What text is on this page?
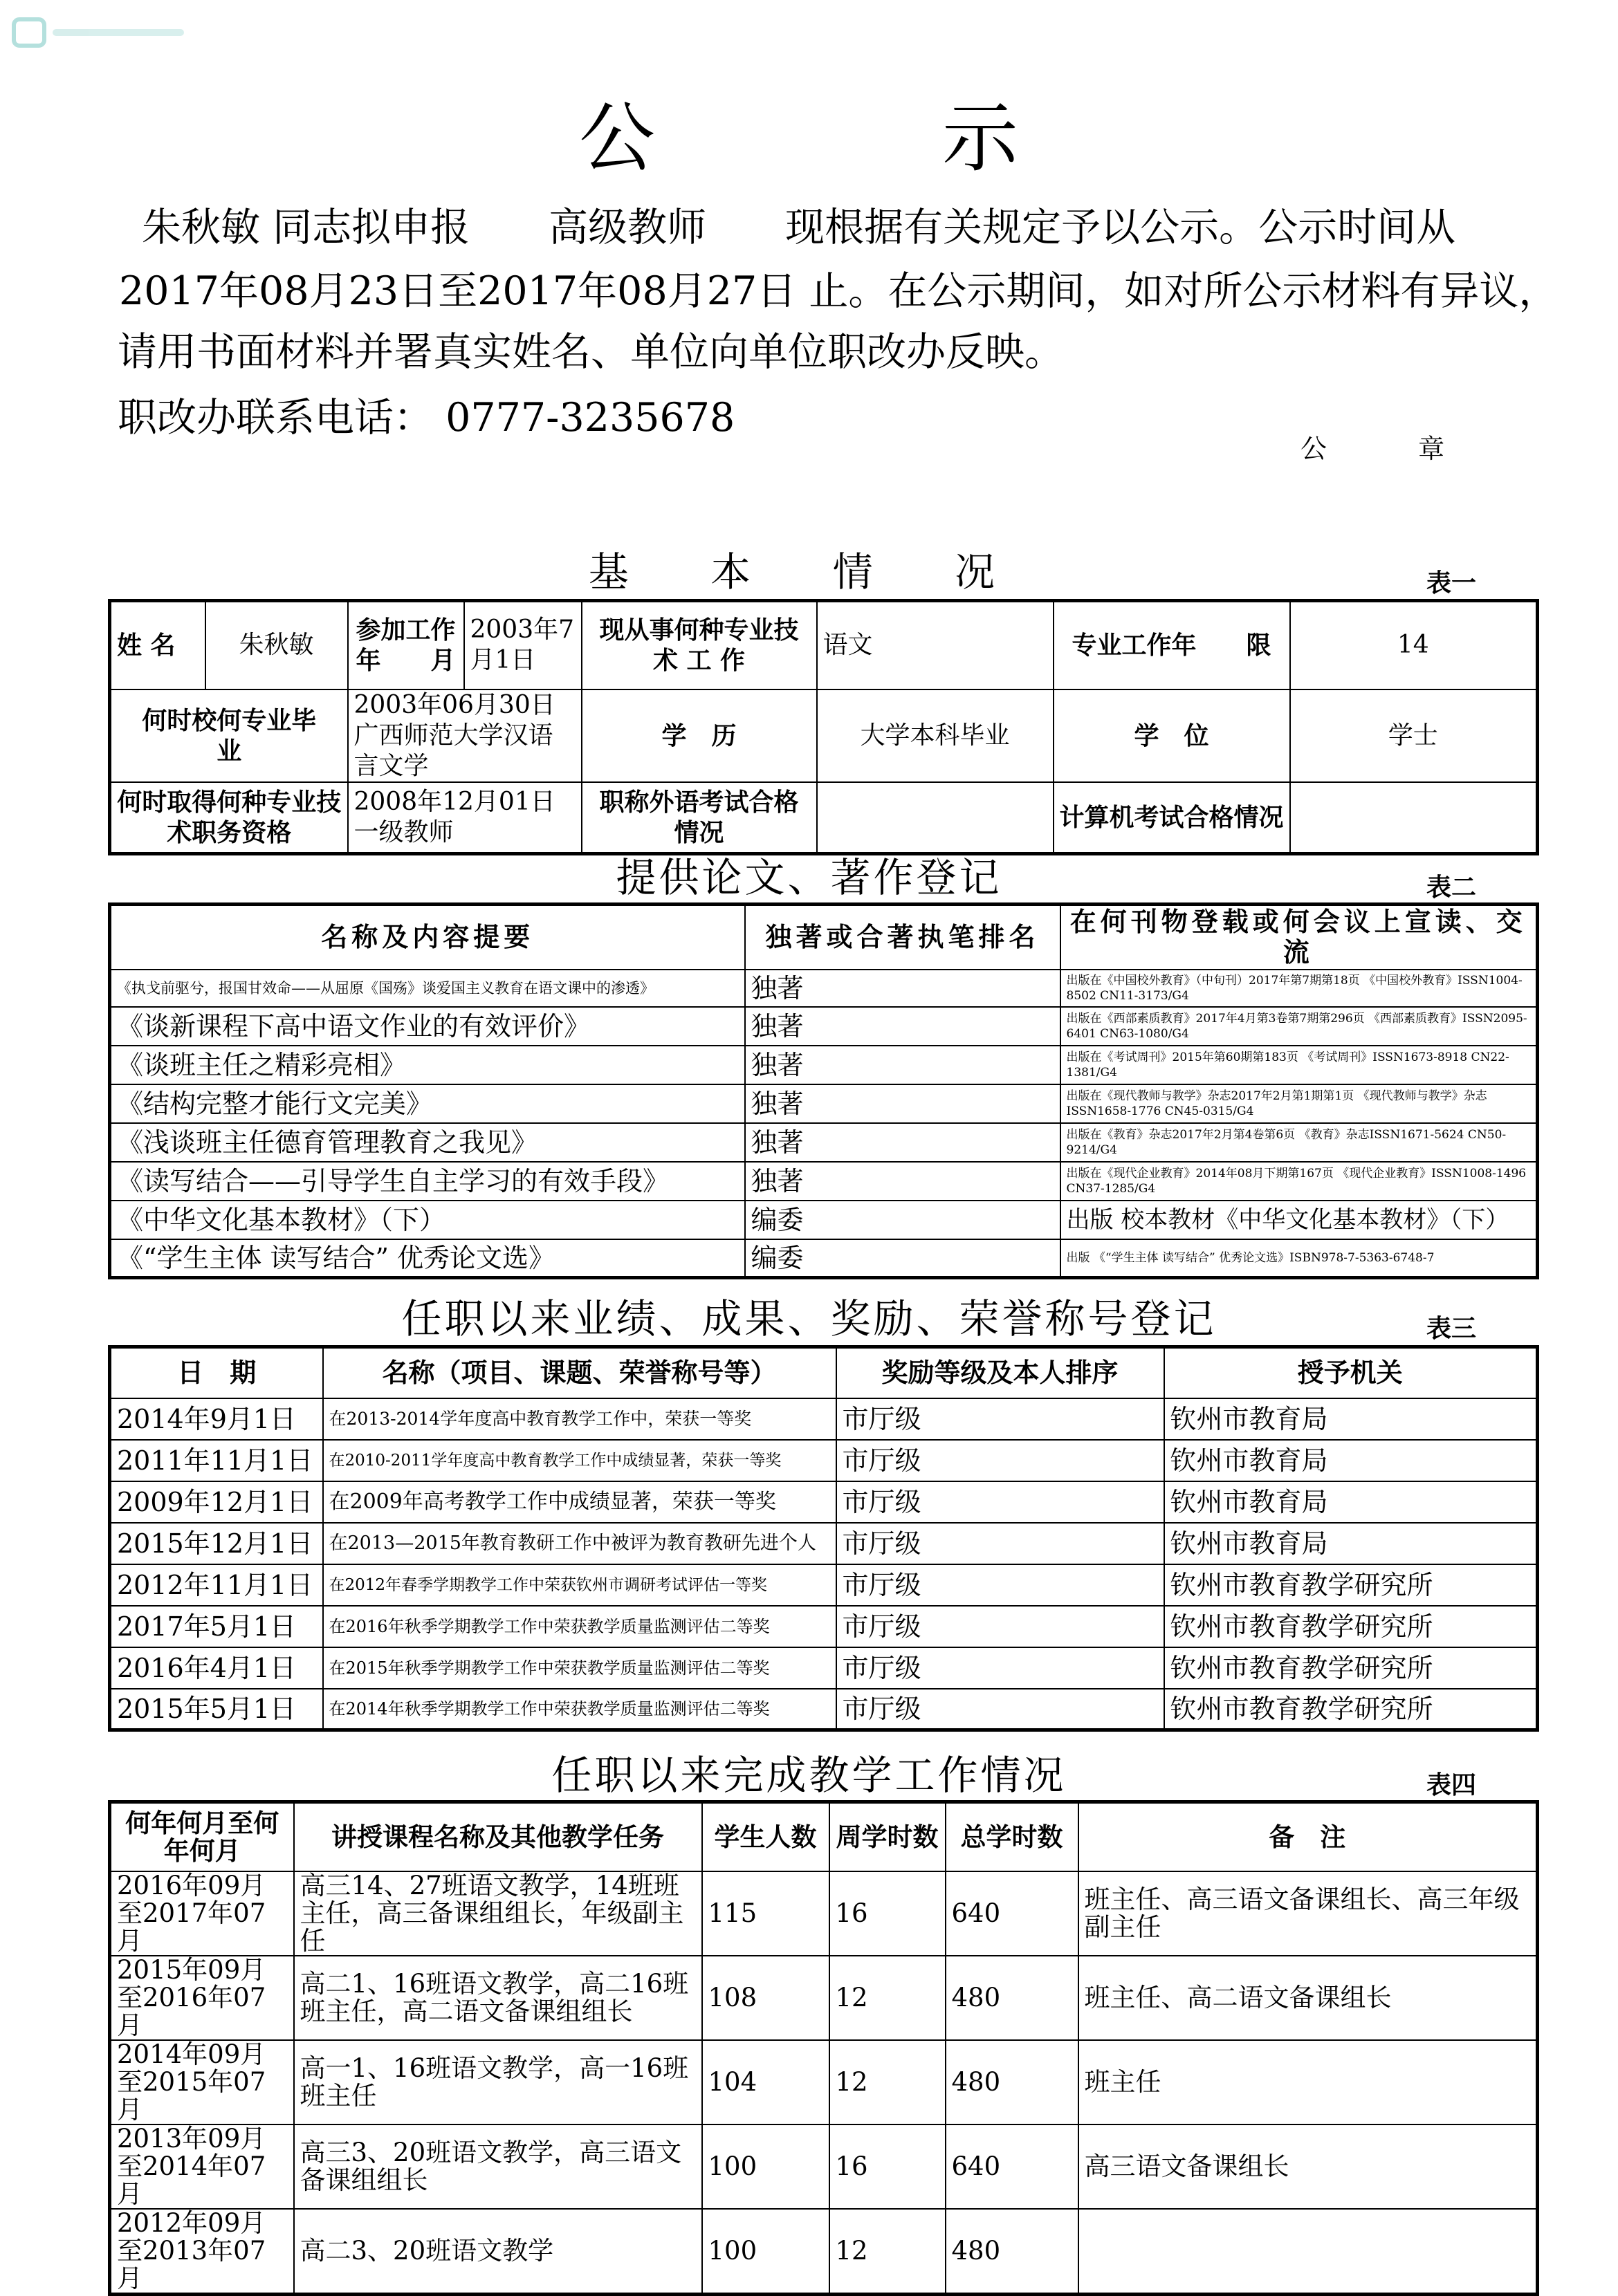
公 示
朱秋敏 同志拟申报　　高级教师　　现根据有关规定予以公示。公示时间从
2017年08月23日至2017年08月27日 止。在公示期间，如对所公示材料有异议，
请用书面材料并署真实姓名、单位向单位职改办反映。
职改办联系电话： 0777-3235678
公 章
基 本 情 况	表一
姓 名	朱秋敏	参加工作年　　月	2003年7月1日	现从事何种专业技 术 工 作	语文	专业工作年　　限	14
何时校何专业毕　　　　业		2003年06月30日广西师范大学汉语言文学		学　历	大学本科毕业	学　位	学士
何时取得何种专业技术职务资格		2008年12月01日一级教师		职称外语考试合格情况		计算机考试合格情况	
提供论文、著作登记	表二
名称及内容提要	独著或合著执笔排名	在何刊物登载或何会议上宣读、交流
《执戈前驱兮，报国甘效命——从屈原《国殇》谈爱国主义教育在语文课中的渗透》	独著	出版在《中国校外教育》（中旬刊）2017年第7期第18页 《中国校外教育》ISSN1004-8502 CN11-3173/G4
《谈新课程下高中语文作业的有效评价》	独著	出版在《西部素质教育》2017年4月第3卷第7期第296页 《西部素质教育》ISSN2095-6401 CN63-1080/G4
《谈班主任之精彩亮相》	独著	出版在《考试周刊》2015年第60期第183页 《考试周刊》ISSN1673-8918 CN22-1381/G4
《结构完整才能行文完美》	独著	出版在《现代教师与教学》杂志2017年2月第1期第1页 《现代教师与教学》杂志ISSN1658-1776 CN45-0315/G4
《浅谈班主任德育管理教育之我见》	独著	出版在《教育》杂志2017年2月第4卷第6页 《教育》杂志ISSN1671-5624 CN50-9214/G4
《读写结合——引导学生自主学习的有效手段》	独著	出版在《现代企业教育》2014年08月下期第167页 《现代企业教育》ISSN1008-1496 CN37-1285/G4
《中华文化基本教材》（下）	编委	出版 校本教材《中华文化基本教材》（下）
《“学生主体 读写结合” 优秀论文选》	编委	出版 《“学生主体 读写结合” 优秀论文选》ISBN978-7-5363-6748-7
任职以来业绩、成果、奖励、荣誉称号登记	表三
日　期	名称（项目、课题、荣誉称号等）	奖励等级及本人排序	授予机关
2014年9月1日	在2013-2014学年度高中教育教学工作中，荣获一等奖	市厅级	钦州市教育局
2011年11月1日	在2010-2011学年度高中教育教学工作中成绩显著，荣获一等奖	市厅级	钦州市教育局
2009年12月1日	在2009年高考教学工作中成绩显著，荣获一等奖	市厅级	钦州市教育局
2015年12月1日	在2013—2015年教育教研工作中被评为教育教研先进个人	市厅级	钦州市教育局
2012年11月1日	在2012年春季学期教学工作中荣获钦州市调研考试评估一等奖	市厅级	钦州市教育教学研究所
2017年5月1日	在2016年秋季学期教学工作中荣获教学质量监测评估二等奖	市厅级	钦州市教育教学研究所
2016年4月1日	在2015年秋季学期教学工作中荣获教学质量监测评估二等奖	市厅级	钦州市教育教学研究所
2015年5月1日	在2014年秋季学期教学工作中荣获教学质量监测评估二等奖	市厅级	钦州市教育教学研究所
任职以来完成教学工作情况	表四
何年何月至何年何月	讲授课程名称及其他教学任务	学生人数	周学时数	总学时数	备　注
2016年09月至2017年07月	高三14、27班语文教学，14班班主任，高三备课组组长，年级副主任	115	16	640	班主任、高三语文备课组长、高三年级副主任
2015年09月至2016年07月	高二1、16班语文教学，高二16班班主任，高二语文备课组组长	108	12	480	班主任、高二语文备课组长
2014年09月至2015年07月	高一1、16班语文教学，高一16班班主任	104	12	480	班主任
2013年09月至2014年07月	高三3、20班语文教学，高三语文备课组组长	100	16	640	高三语文备课组长
2012年09月至2013年07月	高二3、20班语文教学	100	12	480	
